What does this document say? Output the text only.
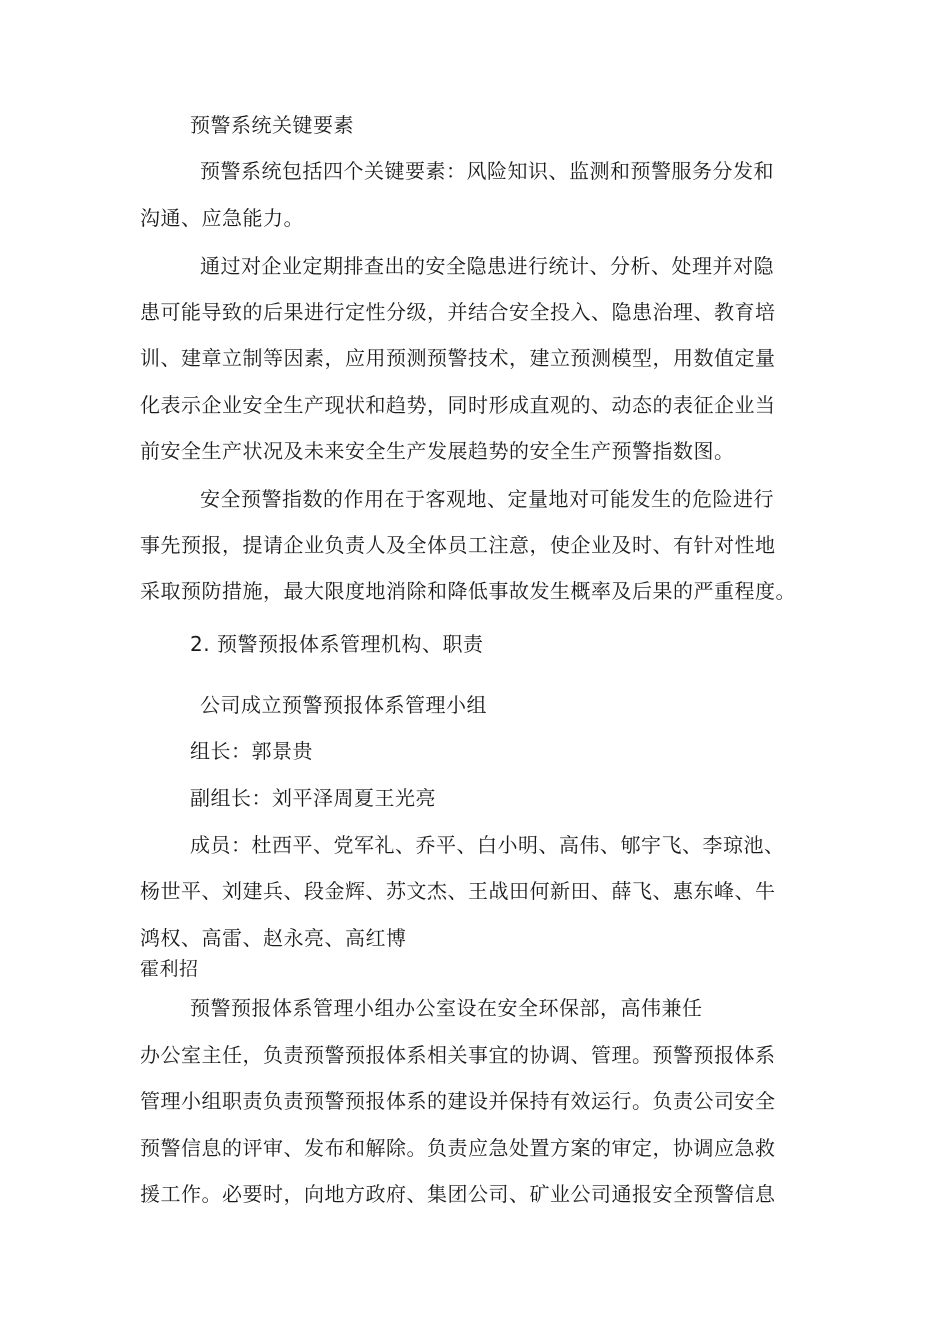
预警系统关键要素
预警系统包括四个关键要素：风险知识、监测和预警服务分发和
沟通、应急能力。
通过对企业定期排查出的安全隐患进行统计、分析、处理并对隐
患可能导致的后果进行定性分级，并结合安全投入、隐患治理、教育培
训、建章立制等因素，应用预测预警技术，建立预测模型，用数值定量
化表示企业安全生产现状和趋势，同时形成直观的、动态的表征企业当
前安全生产状况及未来安全生产发展趋势的安全生产预警指数图。
安全预警指数的作用在于客观地、定量地对可能发生的危险进行
事先预报，提请企业负责人及全体员工注意，使企业及时、有针对性地
采取预防措施，最大限度地消除和降低事故发生概率及后果的严重程度。
2. 预警预报体系管理机构、职责
公司成立预警预报体系管理小组
组长：郭景贵
副组长：刘平泽周夏王光亮
成员：杜西平、党军礼、乔平、白小明、高伟、郇宇飞、李琼池、
杨世平、刘建兵、段金辉、苏文杰、王战田何新田、薛飞、惠东峰、牛
鸿权、高雷、赵永亮、高红博
霍利招
预警预报体系管理小组办公室设在安全环保部，高伟兼任
办公室主任，负责预警预报体系相关事宜的协调、管理。预警预报体系
管理小组职责负责预警预报体系的建设并保持有效运行。负责公司安全
预警信息的评审、发布和解除。负责应急处置方案的审定，协调应急救
援工作。必要时，向地方政府、集团公司、矿业公司通报安全预警信息
